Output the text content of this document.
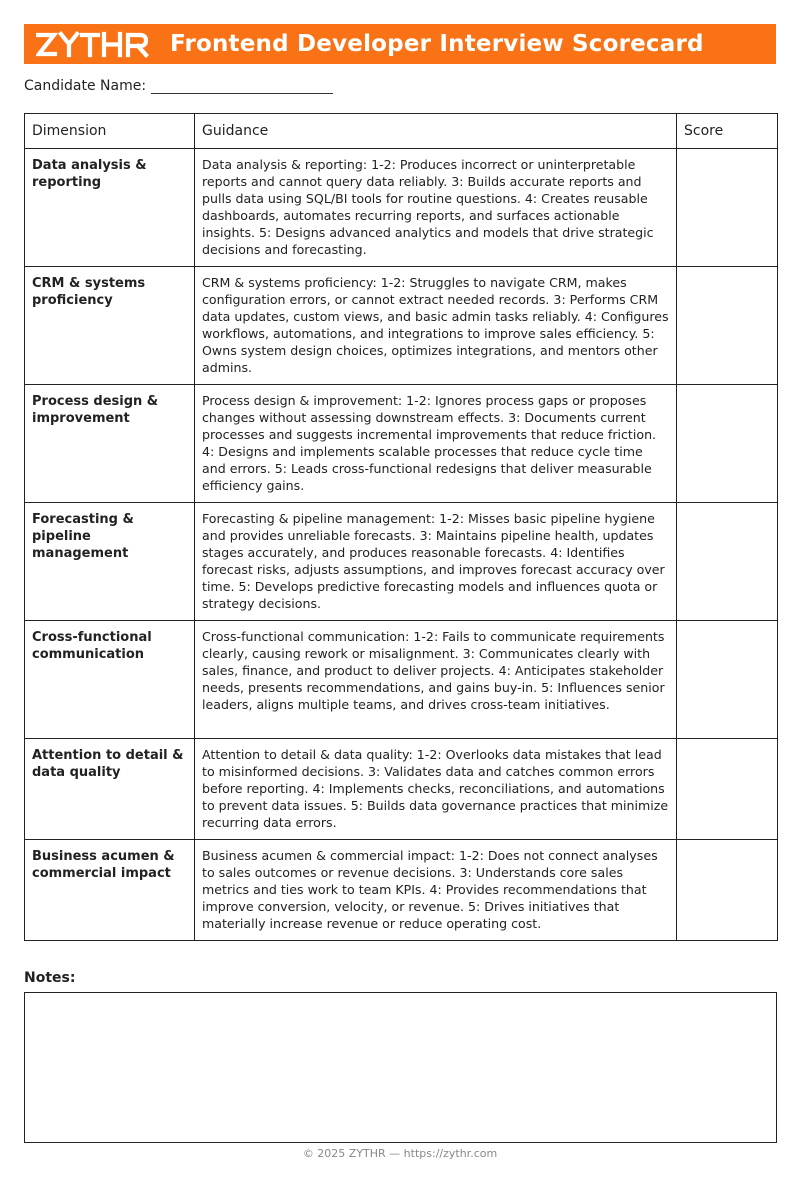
Frontend Developer Interview Scorecard
Candidate Name:
Dimension	Guidance	Score
Data analysis & reporting	Data analysis & reporting: 1-2: Produces incorrect or uninterpretable reports and cannot query data reliably. 3: Builds accurate reports and pulls data using SQL/BI tools for routine questions. 4: Creates reusable dashboards, automates recurring reports, and surfaces actionable insights. 5: Designs advanced analytics and models that drive strategic decisions and forecasting.	
CRM & systems proficiency	CRM & systems proficiency: 1-2: Struggles to navigate CRM, makes configuration errors, or cannot extract needed records. 3: Performs CRM data updates, custom views, and basic admin tasks reliably. 4: Configures workflows, automations, and integrations to improve sales efficiency. 5: Owns system design choices, optimizes integrations, and mentors other admins.	
Process design & improvement	Process design & improvement: 1-2: Ignores process gaps or proposes changes without assessing downstream effects. 3: Documents current processes and suggests incremental improvements that reduce friction. 4: Designs and implements scalable processes that reduce cycle time and errors. 5: Leads cross-functional redesigns that deliver measurable efficiency gains.	
Forecasting & pipeline management	Forecasting & pipeline management: 1-2: Misses basic pipeline hygiene and provides unreliable forecasts. 3: Maintains pipeline health, updates stages accurately, and produces reasonable forecasts. 4: Identifies forecast risks, adjusts assumptions, and improves forecast accuracy over time. 5: Develops predictive forecasting models and influences quota or strategy decisions.	
Cross-functional communication	Cross-functional communication: 1-2: Fails to communicate requirements clearly, causing rework or misalignment. 3: Communicates clearly with sales, finance, and product to deliver projects. 4: Anticipates stakeholder needs, presents recommendations, and gains buy-in. 5: Influences senior leaders, aligns multiple teams, and drives cross-team initiatives.	
Attention to detail & data quality	Attention to detail & data quality: 1-2: Overlooks data mistakes that lead to misinformed decisions. 3: Validates data and catches common errors before reporting. 4: Implements checks, reconciliations, and automations to prevent data issues. 5: Builds data governance practices that minimize recurring data errors.	
Business acumen & commercial impact	Business acumen & commercial impact: 1-2: Does not connect analyses to sales outcomes or revenue decisions. 3: Understands core sales metrics and ties work to team KPIs. 4: Provides recommendations that improve conversion, velocity, or revenue. 5: Drives initiatives that materially increase revenue or reduce operating cost.	
Notes:
© 2025 ZYTHR — https://zythr.com
